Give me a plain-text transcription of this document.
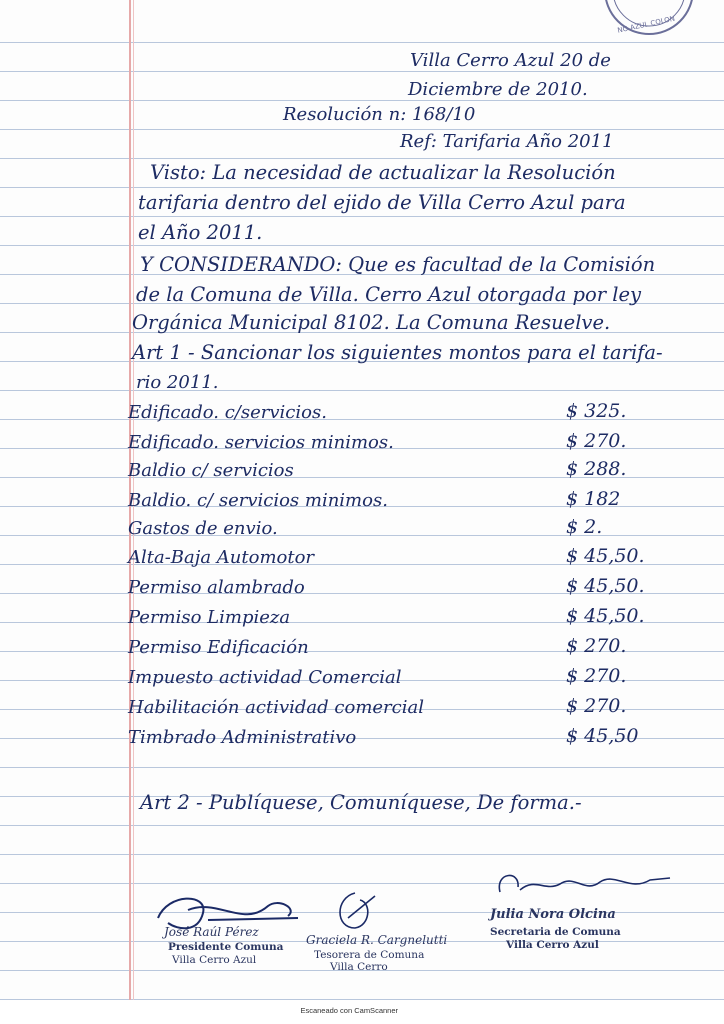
NO AZUL COLON
Villa Cerro Azul 20 de
Diciembre de 2010.
Resolución n: 168/10
Ref: Tarifaria Año 2011
Visto: La necesidad de actualizar la Resolución
tarifaria dentro del ejido de Villa Cerro Azul para
el Año 2011.
Y CONSIDERANDO: Que es facultad de la Comisión
de la Comuna de Villa. Cerro Azul otorgada por ley
Orgánica Municipal 8102. La Comuna Resuelve.
Art 1 - Sancionar los siguientes montos para el tarifa-
rio 2011.
Edificado. c/servicios.	$ 325.
Edificado. servicios minimos.	$ 270.
Baldio c/ servicios	$ 288.
Baldio. c/ servicios minimos.	$ 182
Gastos de envio.	$ 2.
Alta-Baja Automotor	$ 45,50.
Permiso alambrado	$ 45,50.
Permiso Limpieza	$ 45,50.
Permiso Edificación	$ 270.
Impuesto actividad Comercial	$ 270.
Habilitación actividad comercial	$ 270.
Timbrado Administrativo	$ 45,50
Art 2 - Publíquese, Comuníquese, De forma.-
José Raúl Pérez
Presidente Comuna
Villa Cerro Azul
Graciela R. Cargnelutti
Tesorera de Comuna
Villa Cerro
Julia Nora Olcina
Secretaria de Comuna
Villa Cerro Azul
Escaneado con CamScanner
